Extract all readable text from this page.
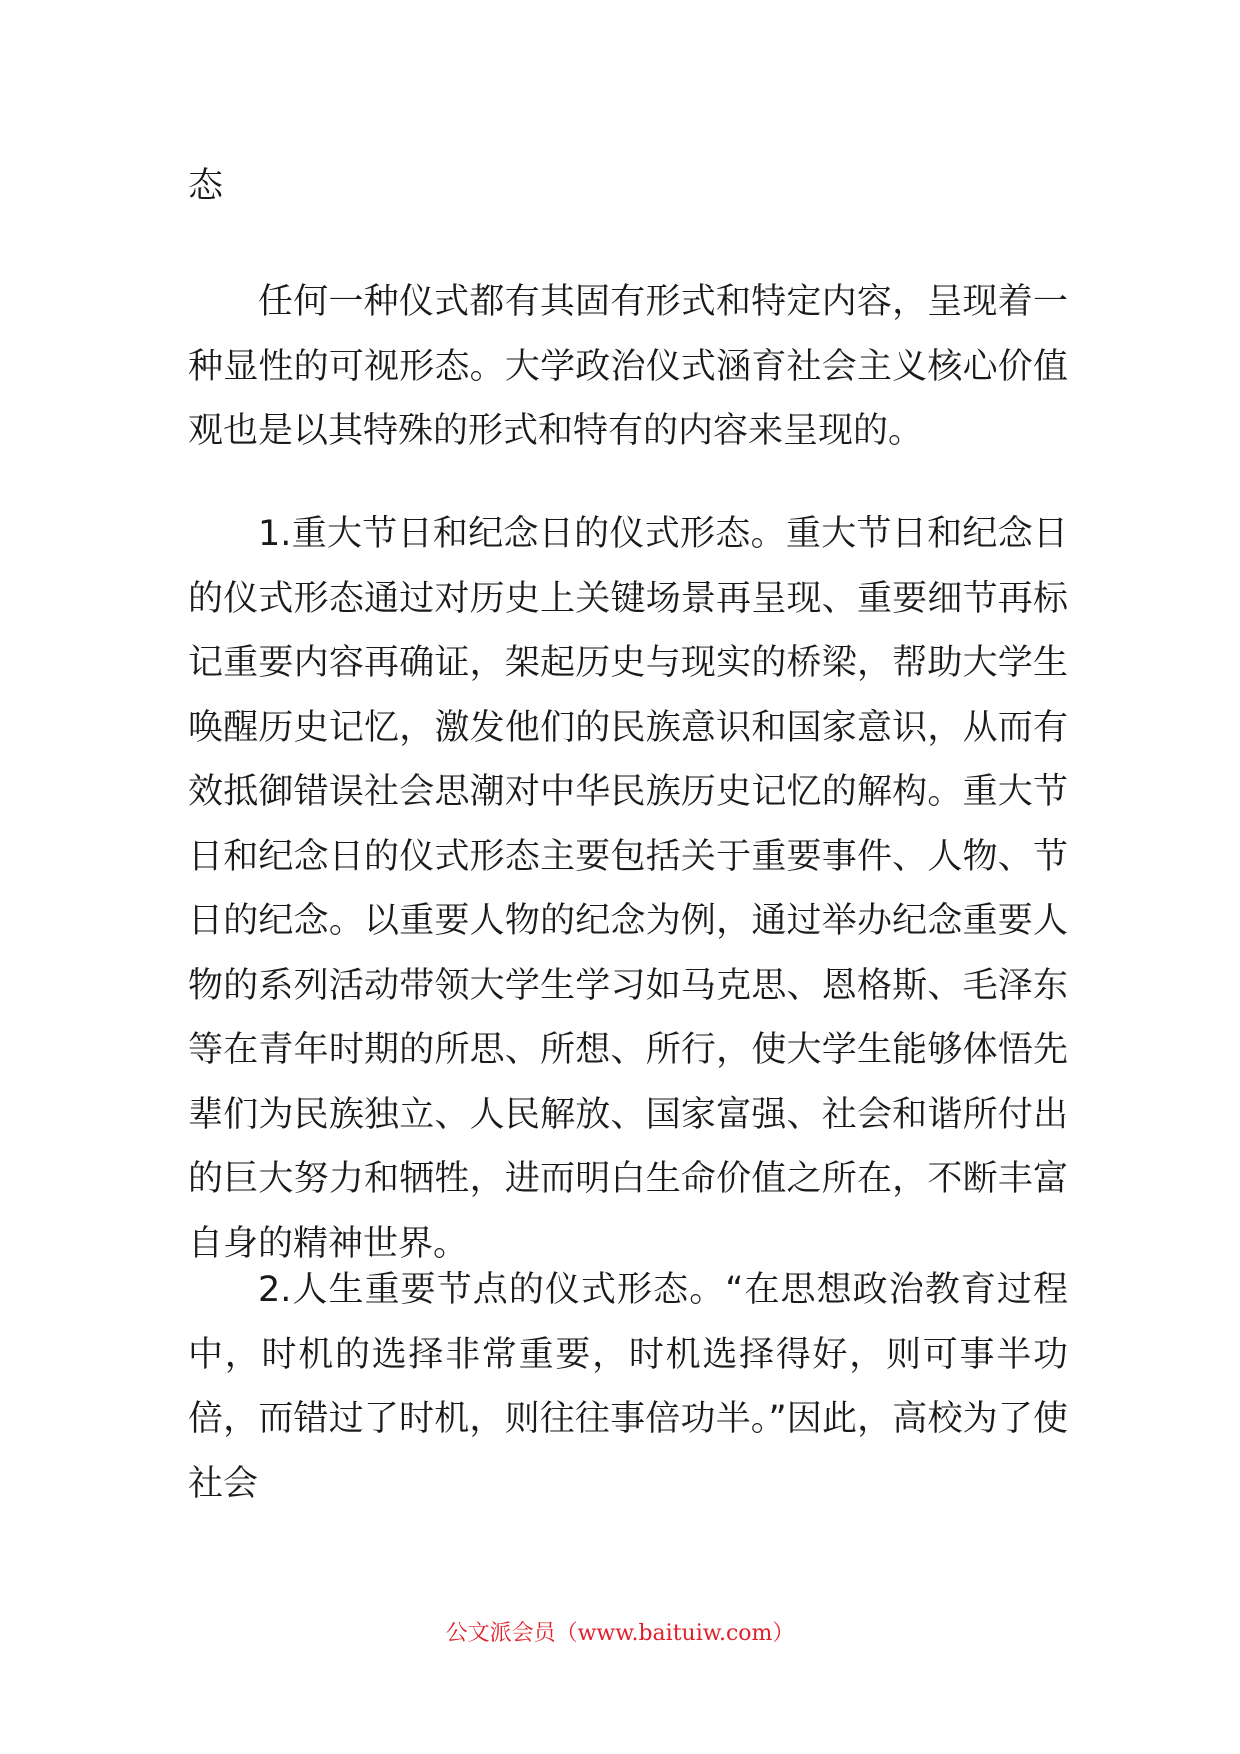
态

任何一种仪式都有其固有形式和特定内容，呈现着一种显性的可视形态。大学政治仪式涵育社会主义核心价值观也是以其特殊的形式和特有的内容来呈现的。

1.重大节日和纪念日的仪式形态。重大节日和纪念日的仪式形态通过对历史上关键场景再呈现、重要细节再标记重要内容再确证，架起历史与现实的桥梁，帮助大学生唤醒历史记忆，激发他们的民族意识和国家意识，从而有效抵御错误社会思潮对中华民族历史记忆的解构。重大节日和纪念日的仪式形态主要包括关于重要事件、人物、节日的纪念。以重要人物的纪念为例，通过举办纪念重要人物的系列活动带领大学生学习如马克思、恩格斯、毛泽东等在青年时期的所思、所想、所行，使大学生能够体悟先辈们为民族独立、人民解放、国家富强、社会和谐所付出的巨大努力和牺牲，进而明白生命价值之所在，不断丰富自身的精神世界。

2.人生重要节点的仪式形态。“在思想政治教育过程中，时机的选择非常重要，时机选择得好，则可事半功倍，而错过了时机，则往往事倍功半。”因此，高校为了使社会

公文派会员（www.baituiw.com）
